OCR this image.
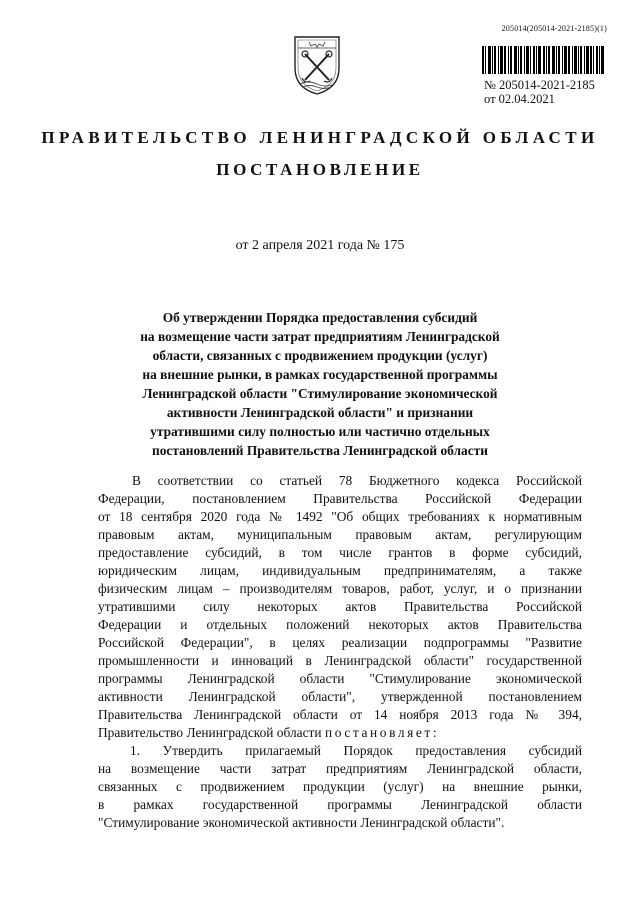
205014(205014-2021-2185)(1)
№ 205014-2021-2185
от 02.04.2021
ПРАВИТЕЛЬСТВО ЛЕНИНГРАДСКОЙ ОБЛАСТИ
ПОСТАНОВЛЕНИЕ
от 2 апреля 2021 года № 175
Об утверждении Порядка предоставления субсидий
на возмещение части затрат предприятиям Ленинградской
области, связанных с продвижением продукции (услуг)
на внешние рынки, в рамках государственной программы
Ленинградской области "Стимулирование экономической
активности Ленинградской области" и признании
утратившими силу полностью или частично отдельных
постановлений Правительства Ленинградской области
В соответствии со статьей 78 Бюджетного кодекса Российской
Федерации, постановлением Правительства Российской Федерации
от 18 сентября 2020 года № 1492 "Об общих требованиях к нормативным
правовым актам, муниципальным правовым актам, регулирующим
предоставление субсидий, в том числе грантов в форме субсидий,
юридическим лицам, индивидуальным предпринимателям, а также
физическим лицам – производителям товаров, работ, услуг, и о признании
утратившими силу некоторых актов Правительства Российской
Федерации и отдельных положений некоторых актов Правительства
Российской Федерации", в целях реализации подпрограммы "Развитие
промышленности и инноваций в Ленинградской области" государственной
программы Ленинградской области "Стимулирование экономической
активности Ленинградской области", утвержденной постановлением
Правительства Ленинградской области от 14 ноября 2013 года № 394,
Правительство Ленинградской области постановляет:
1. Утвердить прилагаемый Порядок предоставления субсидий
на возмещение части затрат предприятиям Ленинградской области,
связанных с продвижением продукции (услуг) на внешние рынки,
в рамках государственной программы Ленинградской области
"Стимулирование экономической активности Ленинградской области".
